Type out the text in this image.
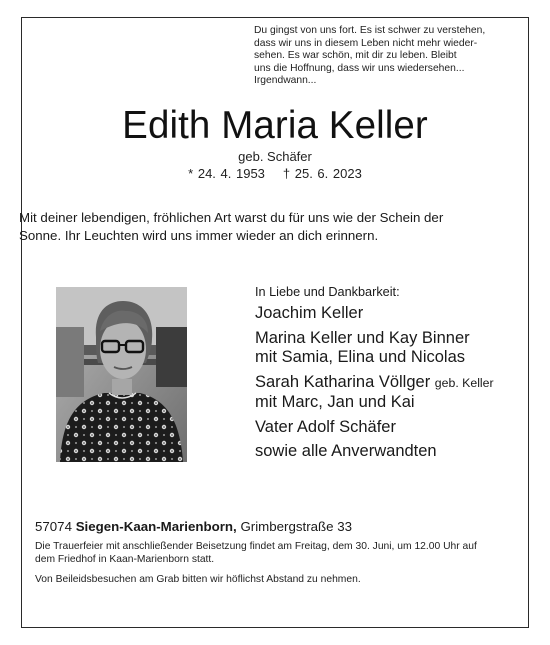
Du gingst von uns fort. Es ist schwer zu verstehen,
dass wir uns in diesem Leben nicht mehr wieder-
sehen. Es war schön, mit dir zu leben. Bleibt
uns die Hoffnung, dass wir uns wiedersehen...
Irgendwann...
Edith Maria Keller
geb. Schäfer
* 24. 4. 1953 † 25. 6. 2023
Mit deiner lebendigen, fröhlichen Art warst du für uns wie der Schein der
Sonne. Ihr Leuchten wird uns immer wieder an dich erinnern.
In Liebe und Dankbarkeit:
Joachim Keller
Marina Keller und Kay Binner
mit Samia, Elina und Nicolas
Sarah Katharina Völlger geb. Keller
mit Marc, Jan und Kai
Vater Adolf Schäfer
sowie alle Anverwandten
57074 Siegen-Kaan-Marienborn, Grimbergstraße 33
Die Trauerfeier mit anschließender Beisetzung findet am Freitag, dem 30. Juni, um 12.00 Uhr auf
dem Friedhof in Kaan-Marienborn statt.
Von Beileidsbesuchen am Grab bitten wir höflichst Abstand zu nehmen.
